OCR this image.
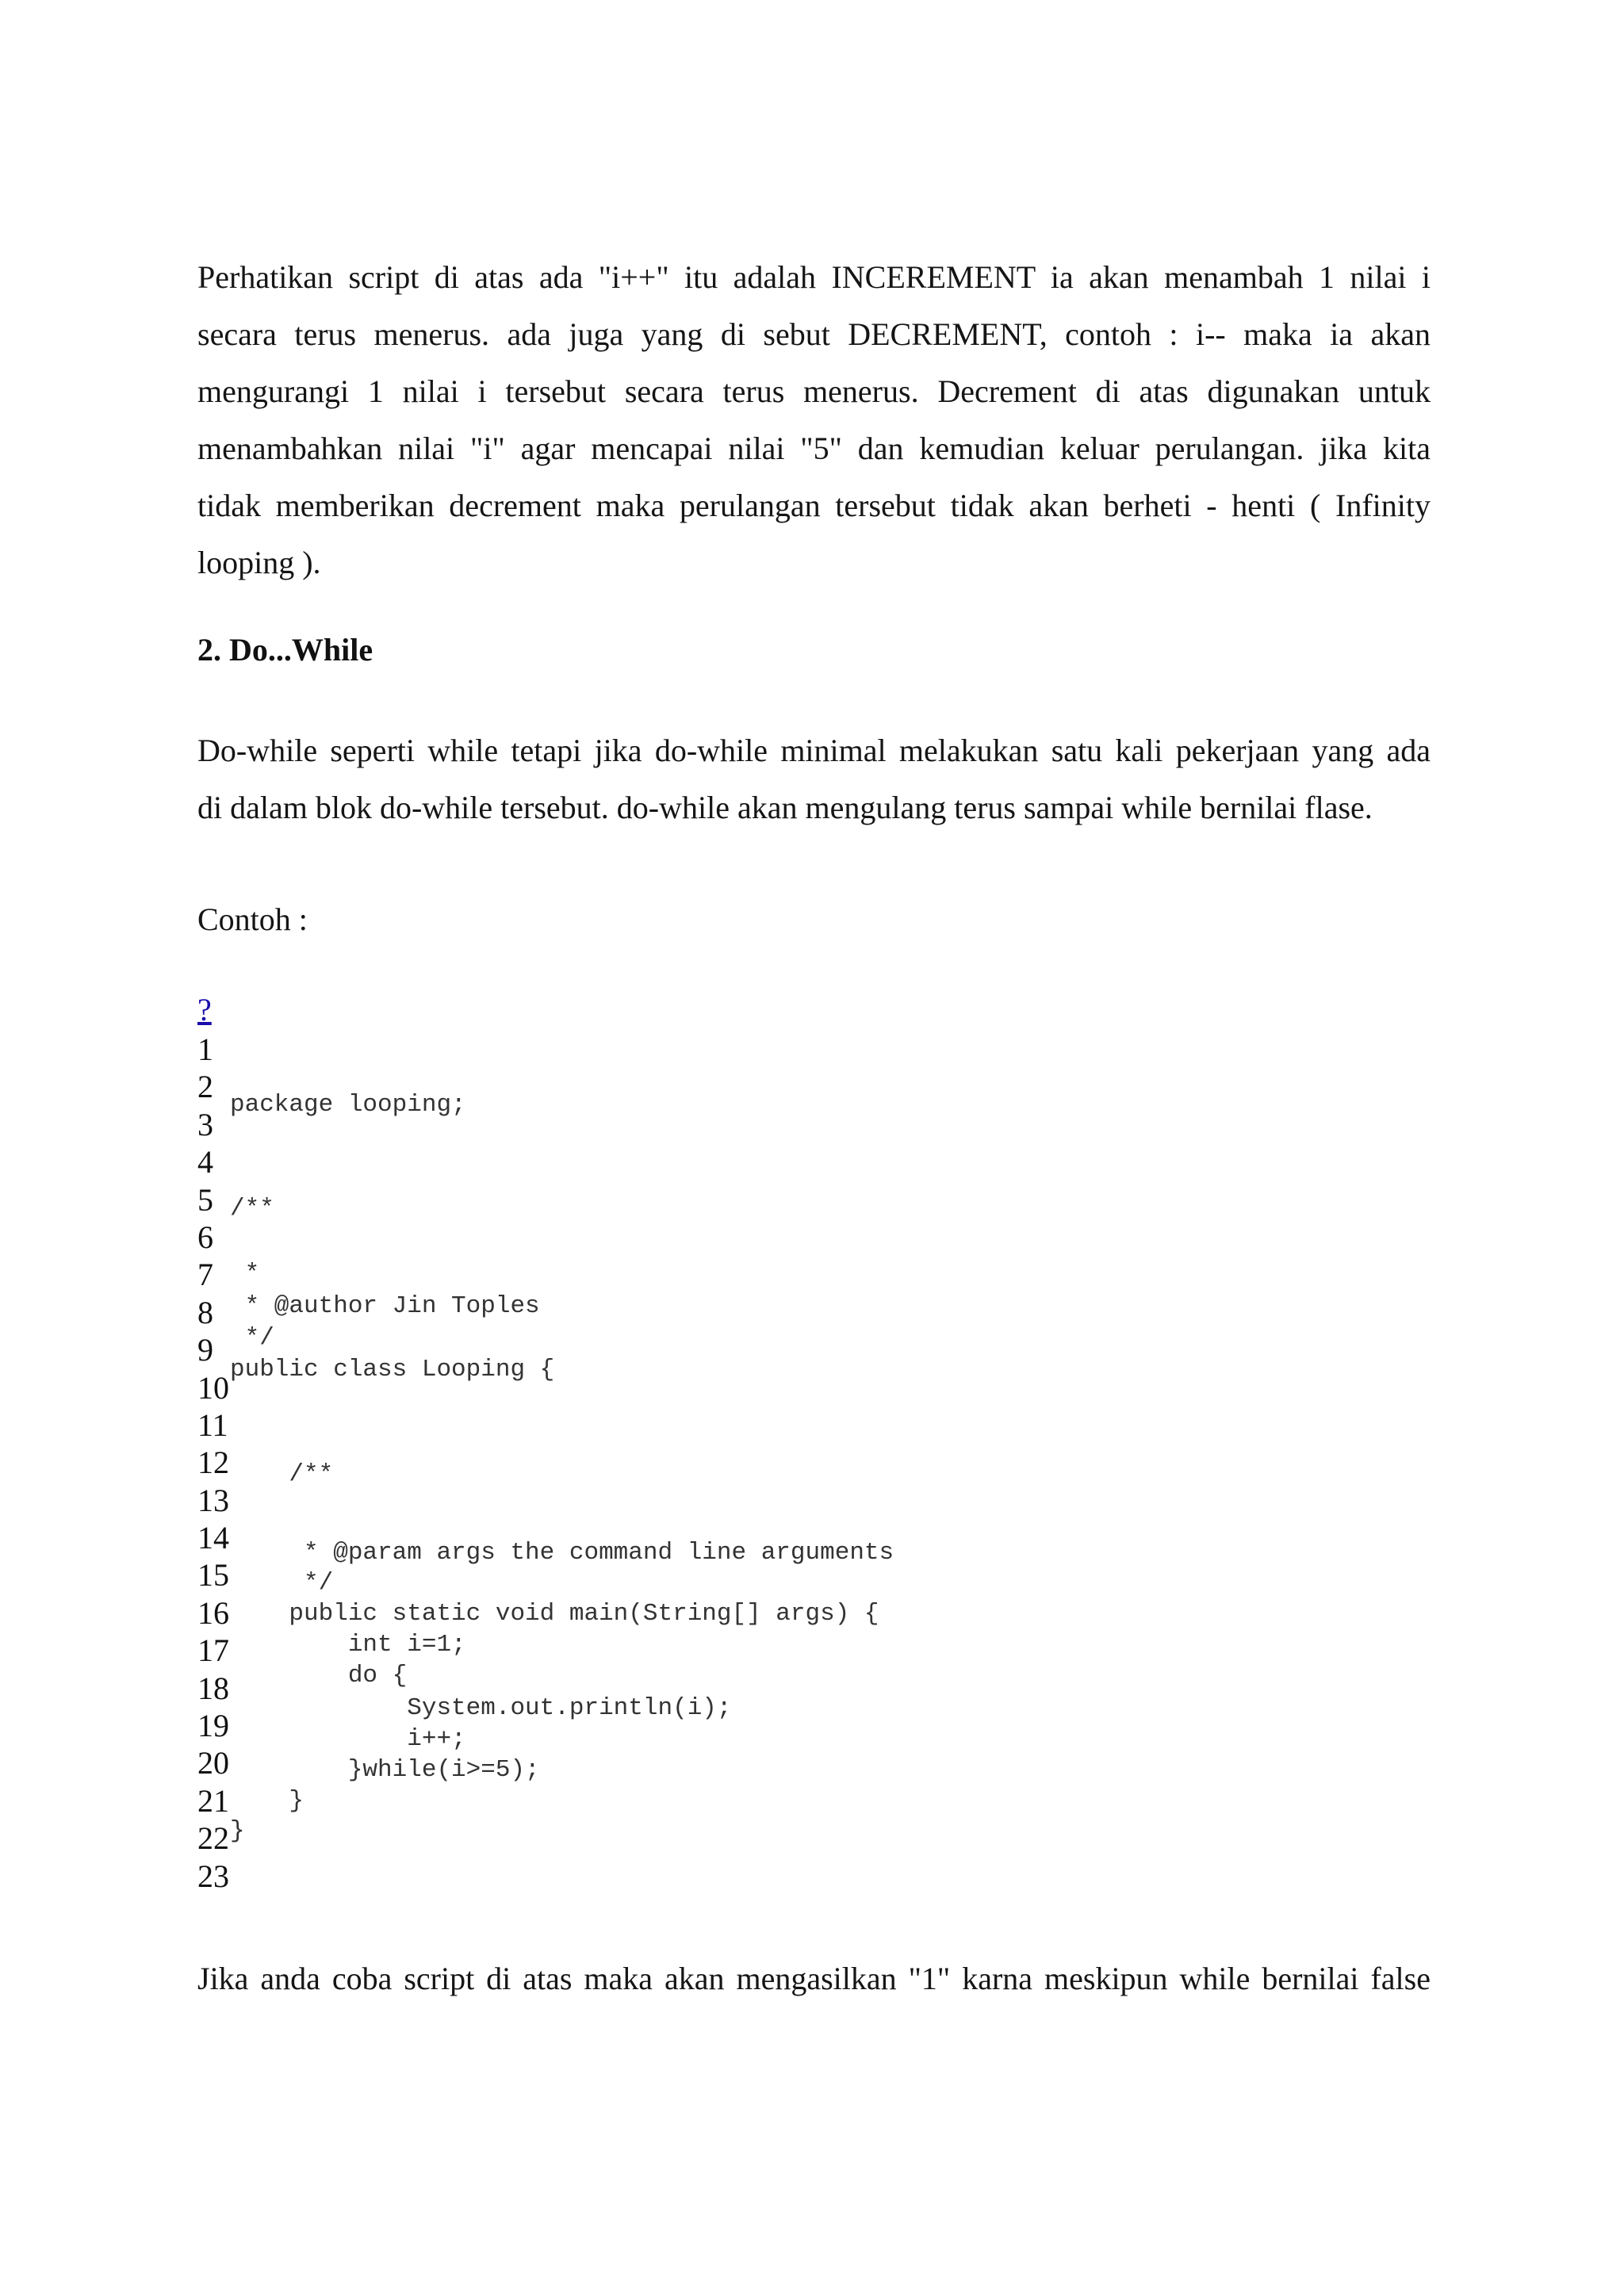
Perhatikan script di atas ada "i++" itu adalah INCEREMENT ia akan menambah 1 nilai i
secara terus menerus. ada juga yang di sebut DECREMENT, contoh : i-- maka ia akan
mengurangi 1 nilai i tersebut secara terus menerus. Decrement di atas digunakan untuk
menambahkan nilai "i" agar mencapai nilai "5" dan kemudian keluar perulangan. jika kita
tidak memberikan decrement maka perulangan tersebut tidak akan berheti - henti ( Infinity
looping ).
2. Do...While
Do-while seperti while tetapi jika do-while minimal melakukan satu kali pekerjaan yang ada
di dalam blok do-while tersebut. do-while akan mengulang terus sampai while bernilai flase.
Contoh :
?
1
2
3
4
5
6
7
8
9
10
11
12
13
14
15
16
17
18
19
20
21
22
23
package looping;
/**
*
* @author Jin Toples
*/
public class Looping {
/**
* @param args the command line arguments
*/
public static void main(String[] args) {
int i=1;
do {
System.out.println(i);
i++;
}while(i>=5);
}
}
Jika anda coba script di atas maka akan mengasilkan "1" karna meskipun while bernilai false
